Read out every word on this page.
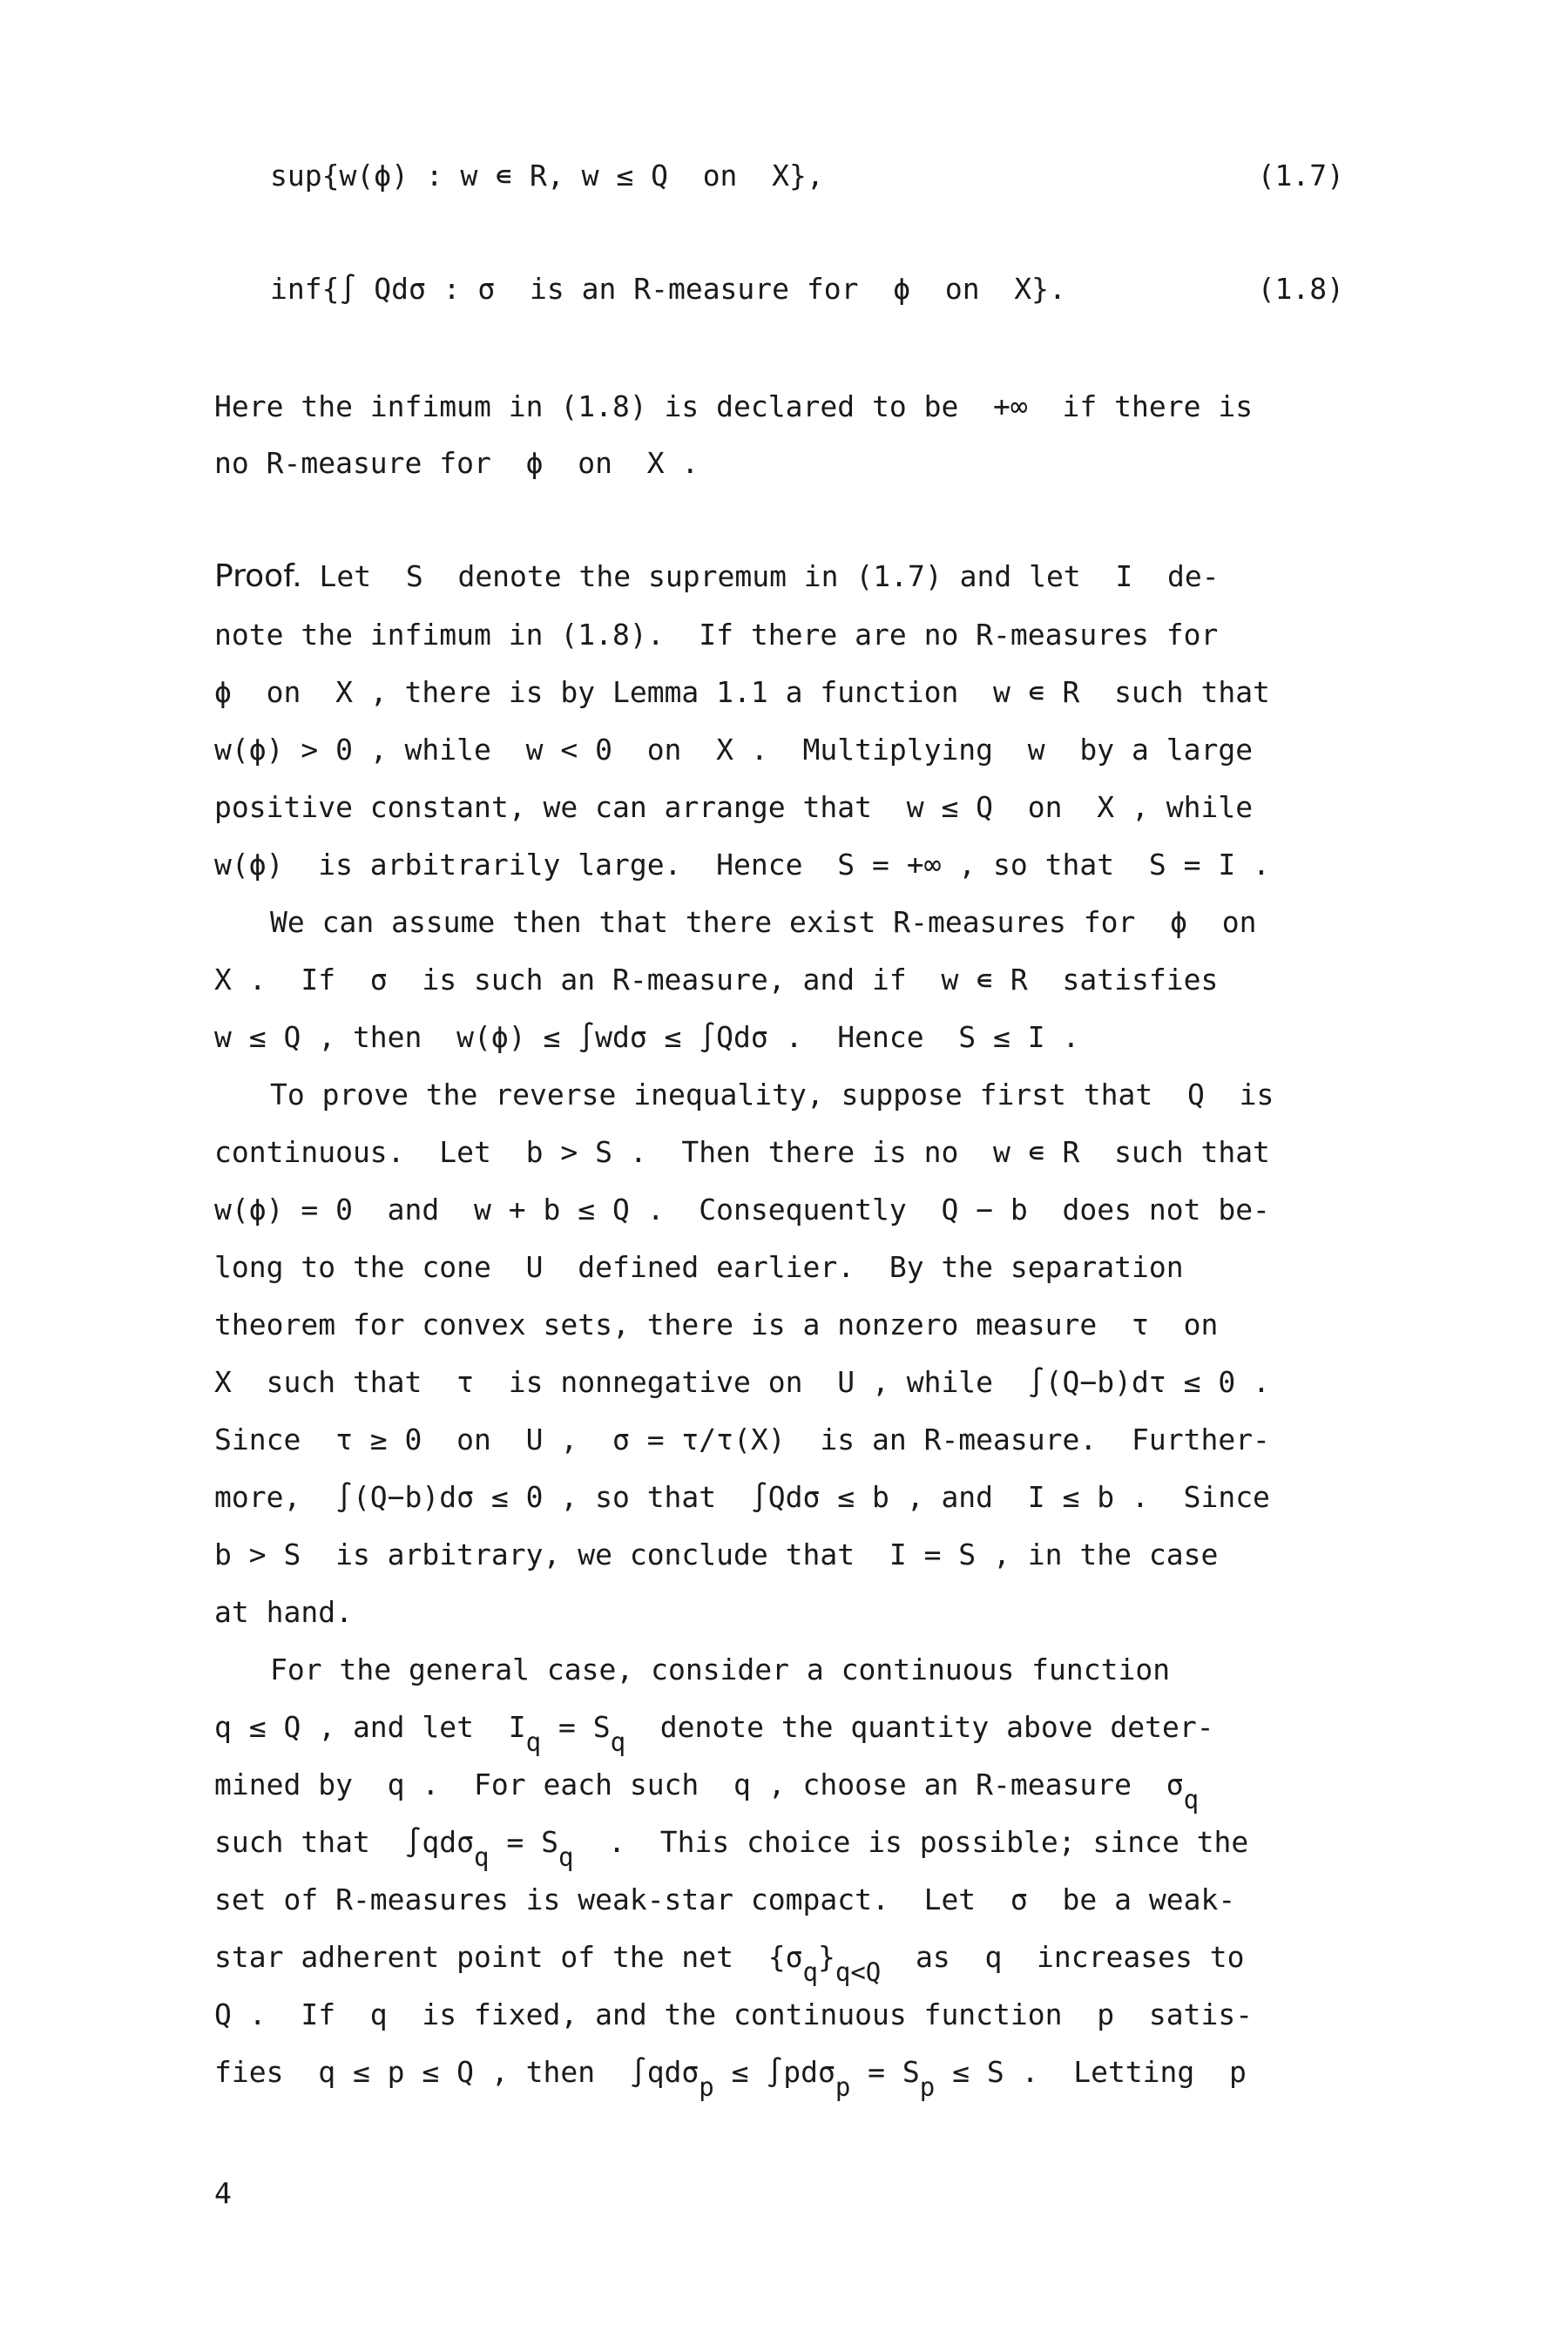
sup{w(ϕ) : w ∊ R, w ≤ Q  on  X},	(1.7)
inf{∫ Qdσ : σ  is an R-measure for  ϕ  on  X}.	(1.8)
Here the infimum in (1.8) is declared to be  +∞  if there is
no R-measure for  ϕ  on  X .
Proof. Let  S  denote the supremum in (1.7) and let  I  de-
note the infimum in (1.8).  If there are no R-measures for
ϕ  on  X , there is by Lemma 1.1 a function  w ∊ R  such that
w(ϕ) > 0 , while  w < 0  on  X .  Multiplying  w  by a large
positive constant, we can arrange that  w ≤ Q  on  X , while
w(ϕ)  is arbitrarily large.  Hence  S = +∞ , so that  S = I .
We can assume then that there exist R-measures for  ϕ  on
X .  If  σ  is such an R-measure, and if  w ∊ R  satisfies
w ≤ Q , then  w(ϕ) ≤ ∫wdσ ≤ ∫Qdσ .  Hence  S ≤ I .
To prove the reverse inequality, suppose first that  Q  is
continuous.  Let  b > S .  Then there is no  w ∊ R  such that
w(ϕ) = 0  and  w + b ≤ Q .  Consequently  Q − b  does not be-
long to the cone  U  defined earlier.  By the separation
theorem for convex sets, there is a nonzero measure  τ  on
X  such that  τ  is nonnegative on  U , while  ∫(Q−b)dτ ≤ 0 .
Since  τ ≥ 0  on  U ,  σ = τ/τ(X)  is an R-measure.  Further-
more,  ∫(Q−b)dσ ≤ 0 , so that  ∫Qdσ ≤ b , and  I ≤ b .  Since
b > S  is arbitrary, we conclude that  I = S , in the case
at hand.
For the general case, consider a continuous function
q ≤ Q , and let  $I_q = S_q$  denote the quantity above deter-
mined by  q .  For each such  q , choose an R-measure  $\sigma_q$
such that  $\int qd\sigma_q = S_q$  .  This choice is possible; since the
set of R-measures is weak-star compact.  Let  σ  be a weak-
star adherent point of the net  $\{\sigma_q\}_{q<Q}$  as  q  increases to
Q .  If  q  is fixed, and the continuous function  p  satis-
fies  q ≤ p ≤ Q , then  $\int qd\sigma_p \le \int pd\sigma_p = S_p \le S$ .  Letting  p
4
